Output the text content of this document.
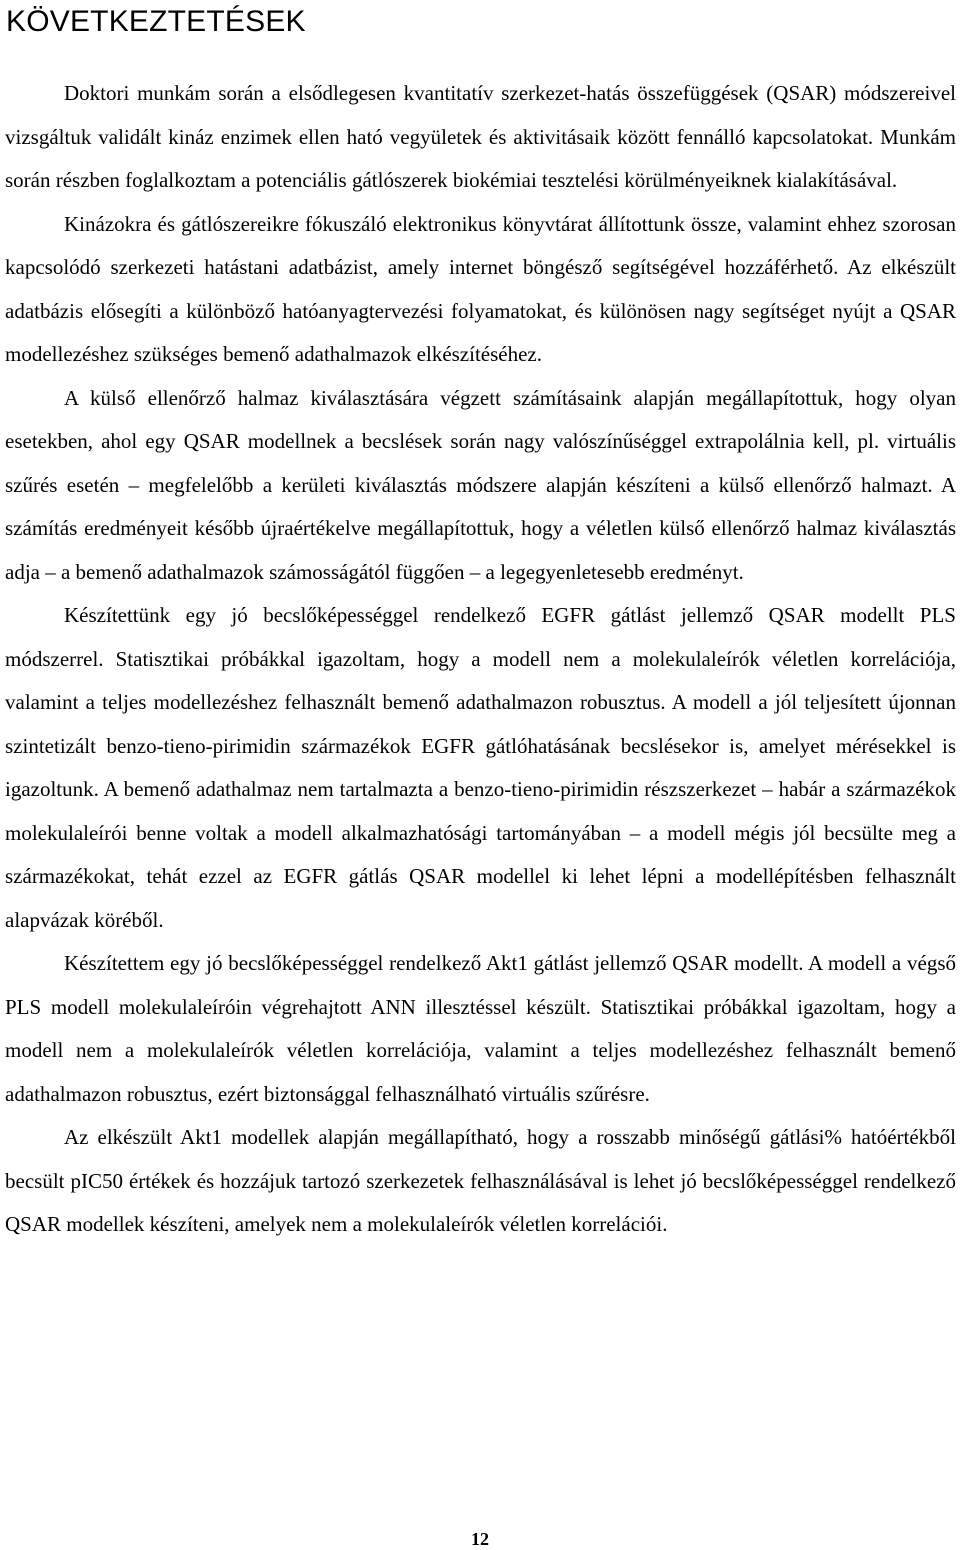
KÖVETKEZTETÉSEK

Doktori munkám során a elsődlegesen kvantitatív szerkezet-hatás összefüggések (QSAR) módszereivel vizsgáltuk validált kináz enzimek ellen ható vegyületek és aktivitásaik között fennálló kapcsolatokat. Munkám során részben foglalkoztam a potenciális gátlószerek biokémiai tesztelési körülményeiknek kialakításával.

Kinázokra és gátlószereikre fókuszáló elektronikus könyvtárat állítottunk össze, valamint ehhez szorosan kapcsolódó szerkezeti hatástani adatbázist, amely internet böngésző segítségével hozzáférhető. Az elkészült adatbázis elősegíti a különböző hatóanyagtervezési folyamatokat, és különösen nagy segítséget nyújt a QSAR modellezéshez szükséges bemenő adathalmazok elkészítéséhez.

A külső ellenőrző halmaz kiválasztására végzett számításaink alapján megállapítottuk, hogy olyan esetekben, ahol egy QSAR modellnek a becslések során nagy valószínűséggel extrapolálnia kell, pl. virtuális szűrés esetén – megfelelőbb a kerületi kiválasztás módszere alapján készíteni a külső ellenőrző halmazt. A számítás eredményeit később újraértékelve megállapítottuk, hogy a véletlen külső ellenőrző halmaz kiválasztás adja – a bemenő adathalmazok számosságától függően – a legegyenletesebb eredményt.

Készítettünk egy jó becslőképességgel rendelkező EGFR gátlást jellemző QSAR modellt PLS módszerrel. Statisztikai próbákkal igazoltam, hogy a modell nem a molekulaleírók véletlen korrelációja, valamint a teljes modellezéshez felhasznált bemenő adathalmazon robusztus. A modell a jól teljesített újonnan szintetizált benzo-tieno-pirimidin származékok EGFR gátlóhatásának becslésekor is, amelyet mérésekkel is igazoltunk. A bemenő adathalmaz nem tartalmazta a benzo-tieno-pirimidin részszerkezet – habár a származékok molekulaleírói benne voltak a modell alkalmazhatósági tartományában – a modell mégis jól becsülte meg a származékokat, tehát ezzel az EGFR gátlás QSAR modellel ki lehet lépni a modellépítésben felhasznált alapvázak köréből.

Készítettem egy jó becslőképességgel rendelkező Akt1 gátlást jellemző QSAR modellt. A modell a végső PLS modell molekulaleíróin végrehajtott ANN illesztéssel készült. Statisztikai próbákkal igazoltam, hogy a modell nem a molekulaleírók véletlen korrelációja, valamint a teljes modellezéshez felhasznált bemenő adathalmazon robusztus, ezért biztonsággal felhasználható virtuális szűrésre.

Az elkészült Akt1 modellek alapján megállapítható, hogy a rosszabb minőségű gátlási% hatóértékből becsült pIC50 értékek és hozzájuk tartozó szerkezetek felhasználásával is lehet jó becslőképességgel rendelkező QSAR modellek készíteni, amelyek nem a molekulaleírók véletlen korrelációi.

12
